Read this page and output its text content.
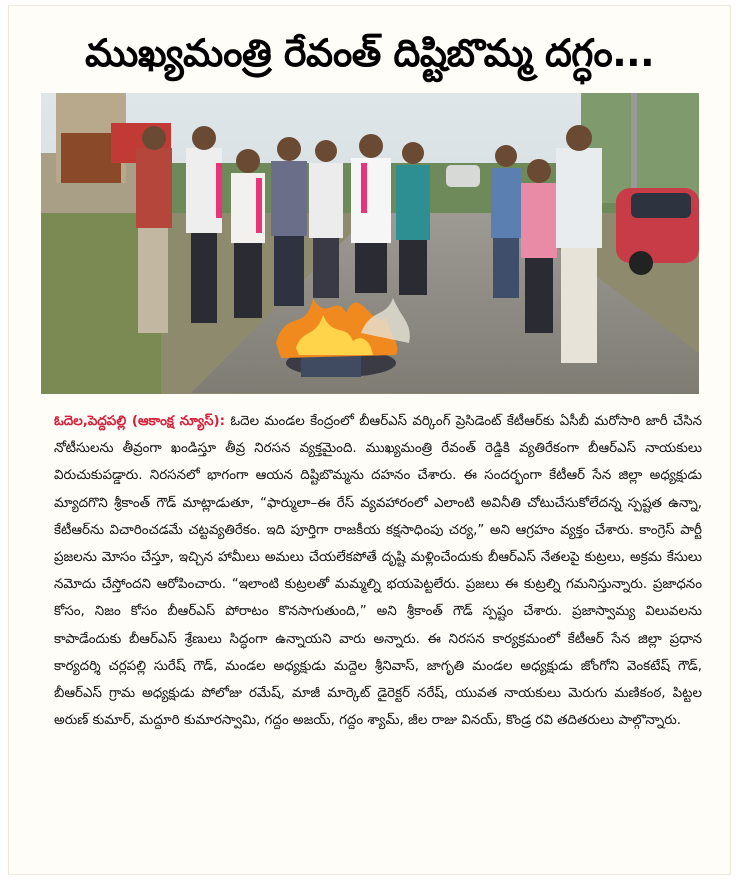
ముఖ్యమంత్రి రేవంత్ దిష్టిబొమ్మ దగ్ధం...
ఓదెల,పెద్దపల్లి (ఆకాంక్ష న్యూస్): ఓదెల మండల కేంద్రంలో బీఆర్ఎస్ వర్కింగ్ ప్రెసిడెంట్ కేటీఆర్‌కు ఏసీబీ మరోసారి జారీ చేసిన నోటీసులను తీవ్రంగా ఖండిస్తూ తీవ్ర నిరసన వ్యక్తమైంది. ముఖ్యమంత్రి రేవంత్ రెడ్డికి వ్యతిరేకంగా బీఆర్ఎస్ నాయకులు విరుచుకుపడ్డారు. నిరసనలో భాగంగా ఆయన దిష్టిబొమ్మను దహనం చేశారు. ఈ సందర్భంగా కేటీఆర్ సేన జిల్లా అధ్యక్షుడు మ్యాదగొని శ్రీకాంత్ గౌడ్ మాట్లాడుతూ, “ఫార్ములా–ఈ రేస్ వ్యవహారంలో ఎలాంటి అవినీతి చోటుచేసుకోలేదన్న స్పష్టత ఉన్నా, కేటీఆర్‌ను విచారించడమే చట్టవ్యతిరేకం. ఇది పూర్తిగా రాజకీయ కక్షసాధింపు చర్య,” అని ఆగ్రహం వ్యక్తం చేశారు. కాంగ్రెస్ పార్టీ ప్రజలను మోసం చేస్తూ, ఇచ్చిన హామీలు అమలు చేయలేకపోతే దృష్టి మళ్లించేందుకు బీఆర్ఎస్ నేతలపై కుట్రలు, అక్రమ కేసులు నమోదు చేస్తోందని ఆరోపించారు. “ఇలాంటి కుట్రలతో మమ్మల్ని భయపెట్టలేరు. ప్రజలు ఈ కుట్రల్ని గమనిస్తున్నారు. ప్రజాధనం కోసం, నిజం కోసం బీఆర్ఎస్ పోరాటం కొనసాగుతుంది,” అని శ్రీకాంత్ గౌడ్ స్పష్టం చేశారు. ప్రజాస్వామ్య విలువలను కాపాడేందుకు బీఆర్ఎస్ శ్రేణులు సిద్ధంగా ఉన్నాయని వారు అన్నారు. ఈ నిరసన కార్యక్రమంలో కేటీఆర్ సేన జిల్లా ప్రధాన కార్యదర్శి చర్లపల్లి సురేష్ గౌడ్, మండల అధ్యక్షుడు మద్దెల శ్రీనివాస్, జాగృతి మండల అధ్యక్షుడు జోంగోని వెంకటేష్ గౌడ్, బీఆర్ఎస్ గ్రామ అధ్యక్షుడు పోలోజు రమేష్, మాజీ మార్కెట్ డైరెక్టర్ నరేష్, యువత నాయకులు మెరుగు మణికంఠ, పిట్టల అరుణ్ కుమార్, మద్దూరి కుమారస్వామి, గద్దం అజయ్, గద్దం శ్యామ్, జీల రాజు వినయ్, కొండ్ర రవి తదితరులు పాల్గొన్నారు.
